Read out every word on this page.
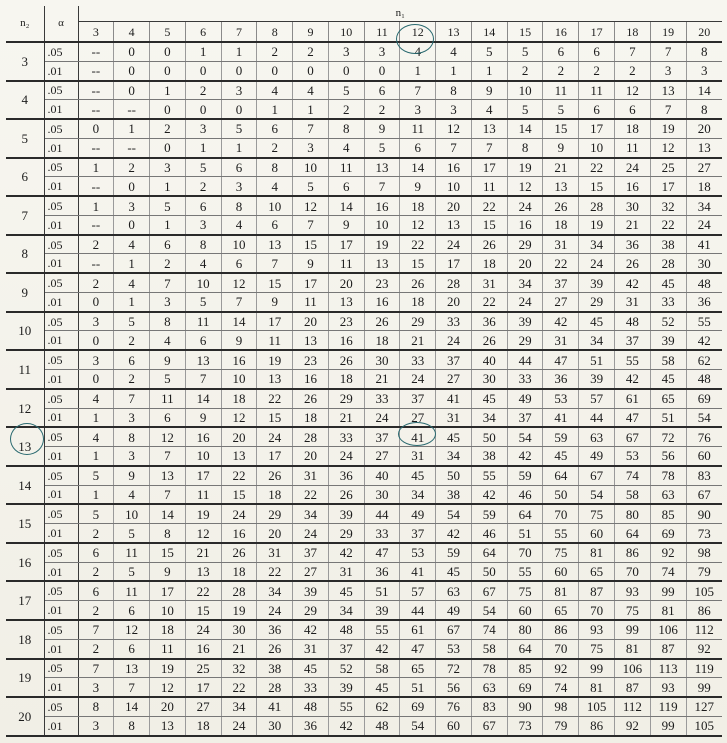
n₂	α	n₁																	
		3	4	5	6	7	8	9	10	11	12	13	14	15	16	17	18	19	20
3	.05	--	0	0	1	1	2	2	3	3	4	4	5	5	6	6	7	7	8
	.01	--	0	0	0	0	0	0	0	0	1	1	1	2	2	2	2	3	3
4	.05	--	0	1	2	3	4	4	5	6	7	8	9	10	11	11	12	13	14
	.01	--	--	0	0	0	1	1	2	2	3	3	4	5	5	6	6	7	8
5	.05	0	1	2	3	5	6	7	8	9	11	12	13	14	15	17	18	19	20
	.01	--	--	0	1	1	2	3	4	5	6	7	7	8	9	10	11	12	13
6	.05	1	2	3	5	6	8	10	11	13	14	16	17	19	21	22	24	25	27
	.01	--	0	1	2	3	4	5	6	7	9	10	11	12	13	15	16	17	18
7	.05	1	3	5	6	8	10	12	14	16	18	20	22	24	26	28	30	32	34
	.01	--	0	1	3	4	6	7	9	10	12	13	15	16	18	19	21	22	24
8	.05	2	4	6	8	10	13	15	17	19	22	24	26	29	31	34	36	38	41
	.01	--	1	2	4	6	7	9	11	13	15	17	18	20	22	24	26	28	30
9	.05	2	4	7	10	12	15	17	20	23	26	28	31	34	37	39	42	45	48
	.01	0	1	3	5	7	9	11	13	16	18	20	22	24	27	29	31	33	36
10	.05	3	5	8	11	14	17	20	23	26	29	33	36	39	42	45	48	52	55
	.01	0	2	4	6	9	11	13	16	18	21	24	26	29	31	34	37	39	42
11	.05	3	6	9	13	16	19	23	26	30	33	37	40	44	47	51	55	58	62
	.01	0	2	5	7	10	13	16	18	21	24	27	30	33	36	39	42	45	48
12	.05	4	7	11	14	18	22	26	29	33	37	41	45	49	53	57	61	65	69
	.01	1	3	6	9	12	15	18	21	24	27	31	34	37	41	44	47	51	54
13	.05	4	8	12	16	20	24	28	33	37	41	45	50	54	59	63	67	72	76
	.01	1	3	7	10	13	17	20	24	27	31	34	38	42	45	49	53	56	60
14	.05	5	9	13	17	22	26	31	36	40	45	50	55	59	64	67	74	78	83
	.01	1	4	7	11	15	18	22	26	30	34	38	42	46	50	54	58	63	67
15	.05	5	10	14	19	24	29	34	39	44	49	54	59	64	70	75	80	85	90
	.01	2	5	8	12	16	20	24	29	33	37	42	46	51	55	60	64	69	73
16	.05	6	11	15	21	26	31	37	42	47	53	59	64	70	75	81	86	92	98
	.01	2	5	9	13	18	22	27	31	36	41	45	50	55	60	65	70	74	79
17	.05	6	11	17	22	28	34	39	45	51	57	63	67	75	81	87	93	99	105
	.01	2	6	10	15	19	24	29	34	39	44	49	54	60	65	70	75	81	86
18	.05	7	12	18	24	30	36	42	48	55	61	67	74	80	86	93	99	106	112
	.01	2	6	11	16	21	26	31	37	42	47	53	58	64	70	75	81	87	92
19	.05	7	13	19	25	32	38	45	52	58	65	72	78	85	92	99	106	113	119
	.01	3	7	12	17	22	28	33	39	45	51	56	63	69	74	81	87	93	99
20	.05	8	14	20	27	34	41	48	55	62	69	76	83	90	98	105	112	119	127
	.01	3	8	13	18	24	30	36	42	48	54	60	67	73	79	86	92	99	105
